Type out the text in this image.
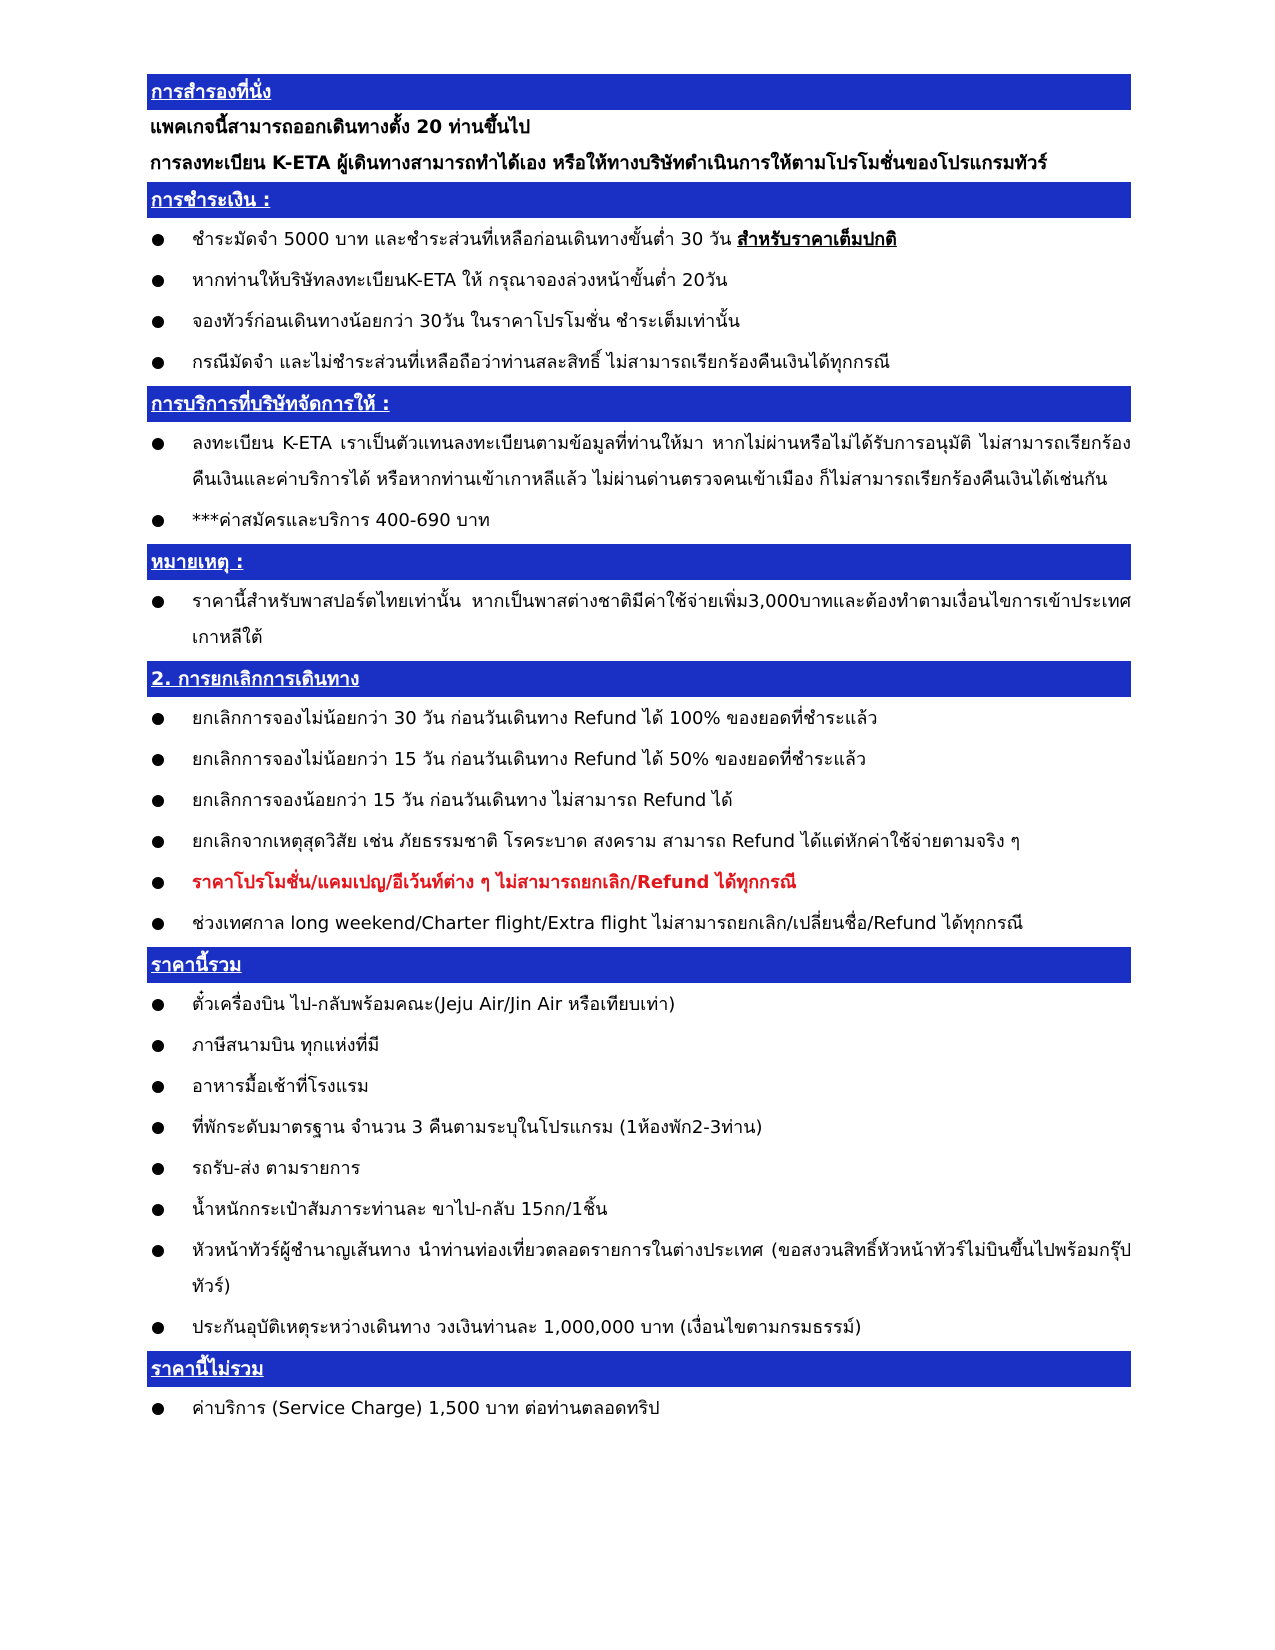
การสำรองที่นั่ง
แพคเกจนี้สามารถออกเดินทางตั้ง 20 ท่านขึ้นไป
การลงทะเบียน K-ETA ผู้เดินทางสามารถทำได้เอง หรือให้ทางบริษัทดำเนินการให้ตามโปรโมชั่นของโปรแกรมทัวร์
การชำระเงิน :
ชำระมัดจำ 5000 บาท และชำระส่วนที่เหลือก่อนเดินทางขั้นต่ำ 30 วัน สำหรับราคาเต็มปกติ
หากท่านให้บริษัทลงทะเบียนK-ETA ให้ กรุณาจองล่วงหน้าขั้นต่ำ 20วัน
จองทัวร์ก่อนเดินทางน้อยกว่า 30วัน ในราคาโปรโมชั่น ชำระเต็มเท่านั้น
กรณีมัดจำ และไม่ชำระส่วนที่เหลือถือว่าท่านสละสิทธิ์ ไม่สามารถเรียกร้องคืนเงินได้ทุกกรณี
การบริการที่บริษัทจัดการให้ :
ลงทะเบียน K-ETA เราเป็นตัวแทนลงทะเบียนตามข้อมูลที่ท่านให้มา หากไม่ผ่านหรือไม่ได้รับการอนุมัติ ไม่สามารถเรียกร้องคืนเงินและค่าบริการได้ หรือหากท่านเข้าเกาหลีแล้ว ไม่ผ่านด่านตรวจคนเข้าเมือง ก็ไม่สามารถเรียกร้องคืนเงินได้เช่นกัน
***ค่าสมัครและบริการ 400-690 บาท
หมายเหตุ :
ราคานี้สำหรับพาสปอร์ตไทยเท่านั้น หากเป็นพาสต่างชาติมีค่าใช้จ่ายเพิ่ม3,000บาทและต้องทำตามเงื่อนไขการเข้าประเทศเกาหลีใต้
2. การยกเลิกการเดินทาง
ยกเลิกการจองไม่น้อยกว่า 30 วัน ก่อนวันเดินทาง Refund ได้ 100% ของยอดที่ชำระแล้ว
ยกเลิกการจองไม่น้อยกว่า 15 วัน ก่อนวันเดินทาง Refund ได้ 50% ของยอดที่ชำระแล้ว
ยกเลิกการจองน้อยกว่า 15 วัน ก่อนวันเดินทาง ไม่สามารถ Refund ได้
ยกเลิกจากเหตุสุดวิสัย เช่น ภัยธรรมชาติ โรคระบาด สงคราม สามารถ Refund ได้แต่หักค่าใช้จ่ายตามจริง ๆ
ราคาโปรโมชั่น/แคมเปญ/อีเว้นท์ต่าง ๆ ไม่สามารถยกเลิก/Refund ได้ทุกกรณี
ช่วงเทศกาล long weekend/Charter flight/Extra flight ไม่สามารถยกเลิก/เปลี่ยนชื่อ/Refund ได้ทุกกรณี
ราคานี้รวม
ตั๋วเครื่องบิน ไป-กลับพร้อมคณะ(Jeju Air/Jin Air หรือเทียบเท่า)
ภาษีสนามบิน ทุกแห่งที่มี
อาหารมื้อเช้าที่โรงแรม
ที่พักระดับมาตรฐาน จำนวน 3 คืนตามระบุในโปรแกรม (1ห้องพัก2-3ท่าน)
รถรับ-ส่ง ตามรายการ
น้ำหนักกระเป๋าสัมภาระท่านละ ขาไป-กลับ 15กก/1ชิ้น
หัวหน้าทัวร์ผู้ชำนาญเส้นทาง นำท่านท่องเที่ยวตลอดรายการในต่างประเทศ (ขอสงวนสิทธิ์หัวหน้าทัวร์ไม่บินขึ้นไปพร้อมกรุ๊ปทัวร์)
ประกันอุบัติเหตุระหว่างเดินทาง วงเงินท่านละ 1,000,000 บาท (เงื่อนไขตามกรมธรรม์)
ราคานี้ไม่รวม
ค่าบริการ (Service Charge) 1,500 บาท ต่อท่านตลอดทริป
